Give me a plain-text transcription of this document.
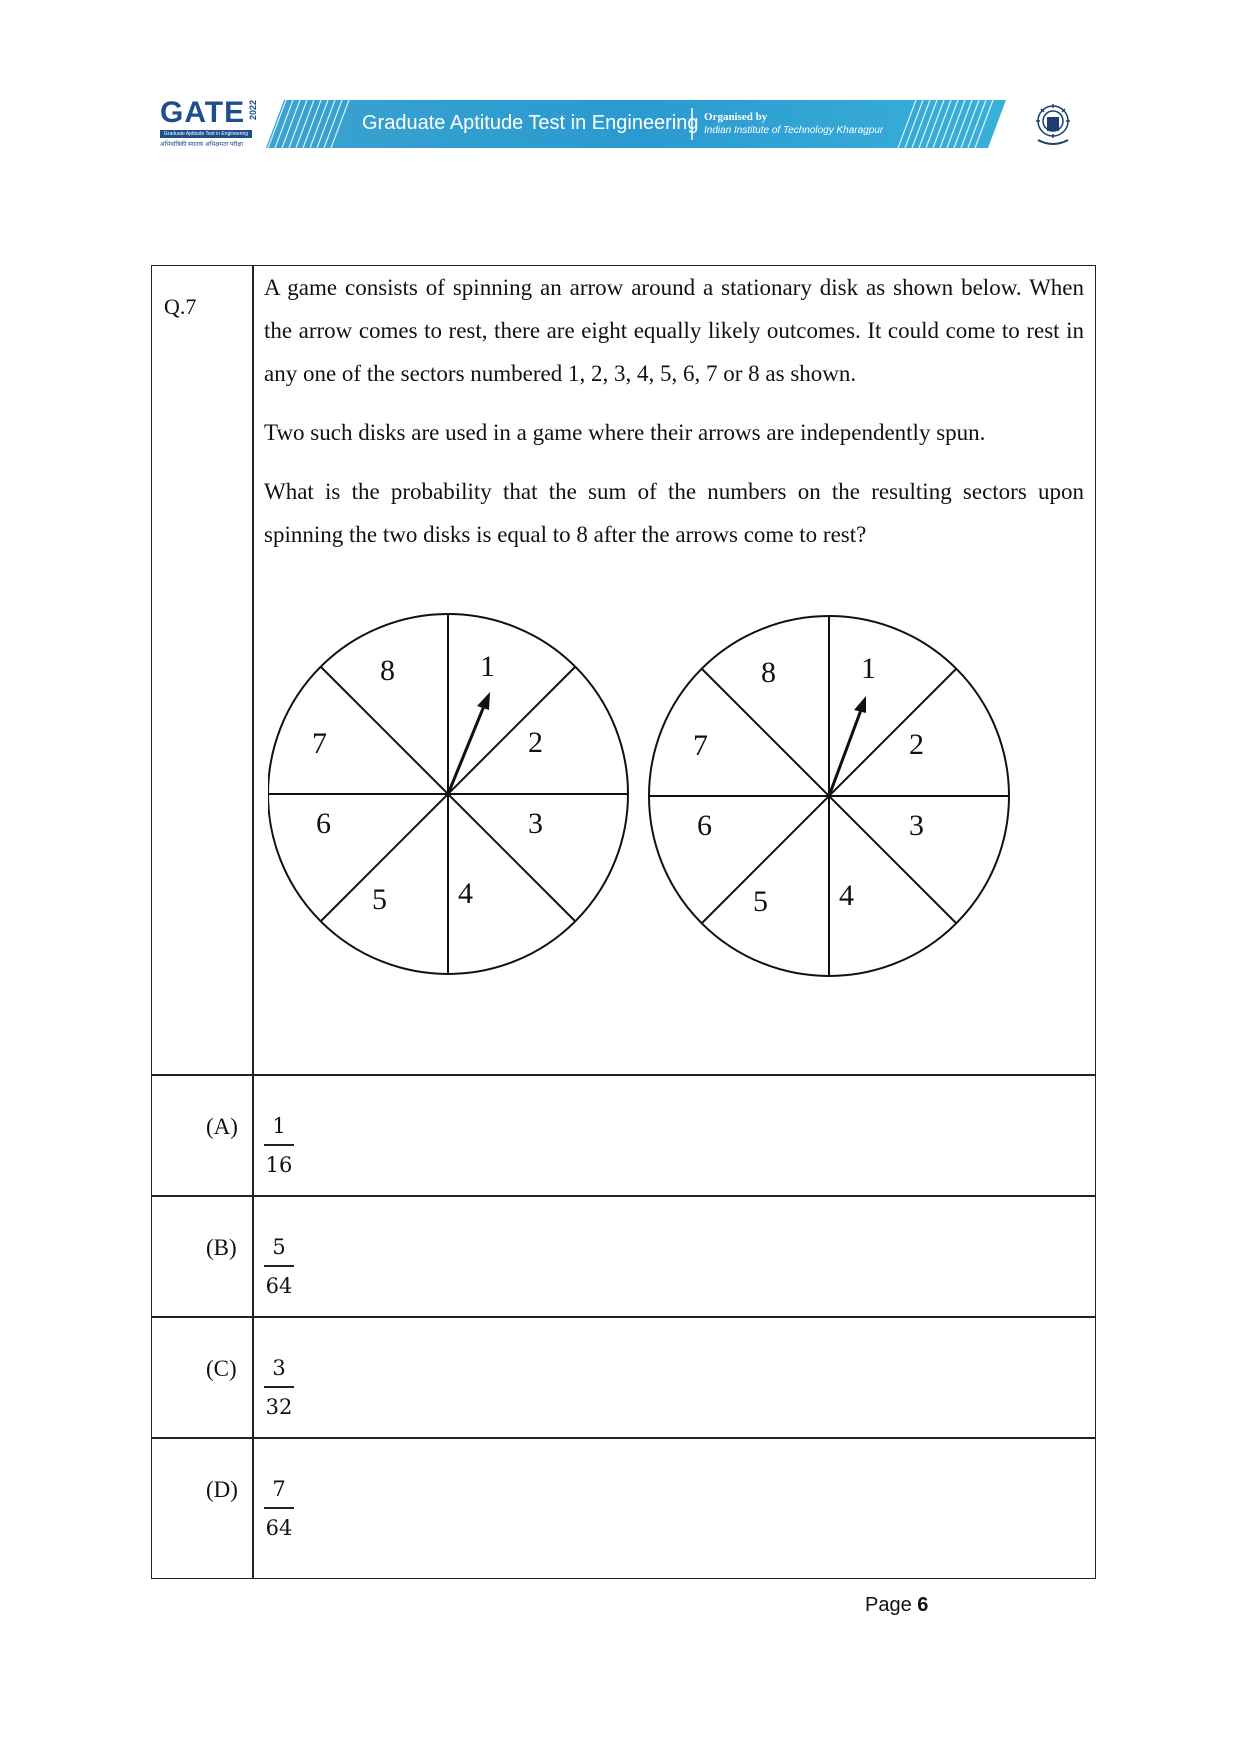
GATE 2022
Graduate Aptitude Test in Engineering
अभियांत्रिकी स्नातक अभिक्षमता परीक्षा
Graduate Aptitude Test in Engineering Organised by
Indian Institute of Technology Kharagpur
Q.7

A game consists of spinning an arrow around a stationary disk as shown below. When the arrow comes to rest, there are eight equally likely outcomes. It could come to rest in any one of the sectors numbered 1, 2, 3, 4, 5, 6, 7 or 8 as shown.

Two such disks are used in a game where their arrows are independently spun.

What is the probability that the sum of the numbers on the resulting sectors upon spinning the two disks is equal to 8 after the arrows come to rest?

1
2
3
4
5
6
7
8	1
2
3
4
5
6
7
8
(A)	1
16
(B)	5
64
(C)	3
32
(D)	7
64
Page 6
